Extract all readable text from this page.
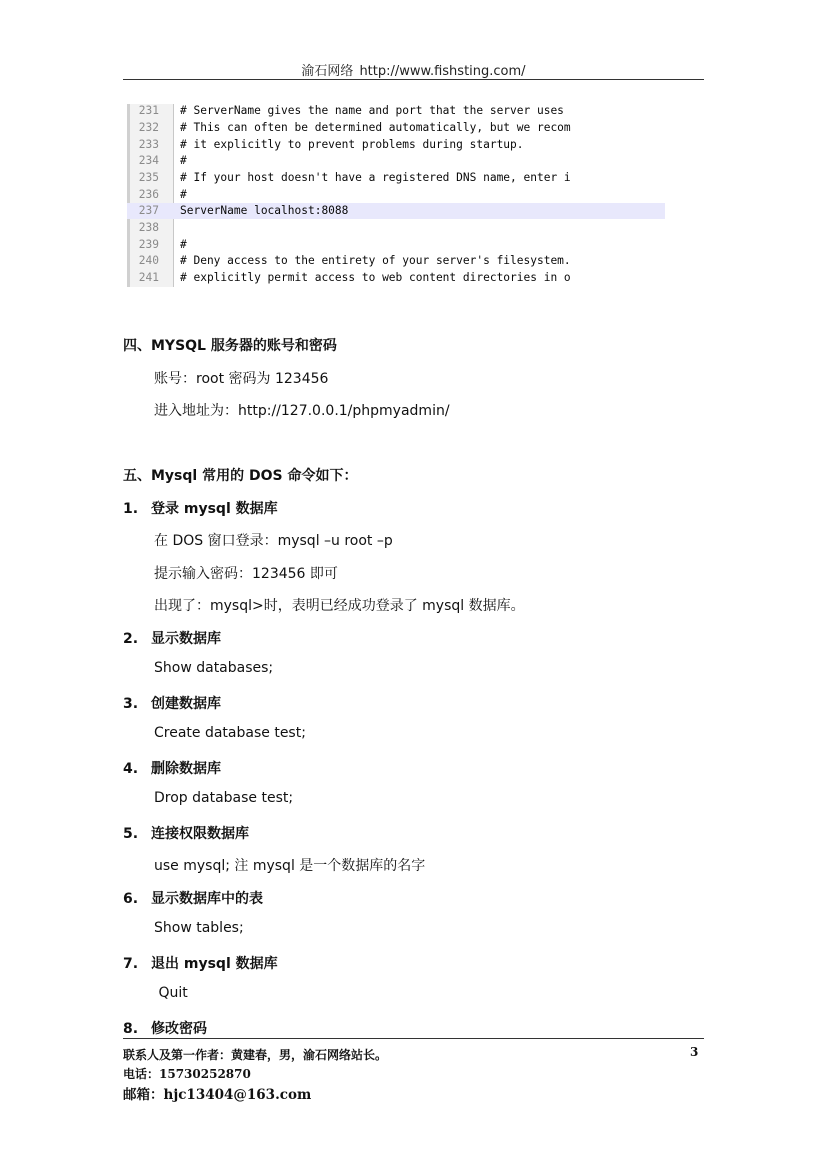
渝石网络 http://www.fishsting.com/
231 # ServerName gives the name and port that the server uses
232 # This can often be determined automatically, but we recom
233 # it explicitly to prevent problems during startup.
234 #
235 # If your host doesn't have a registered DNS name, enter i
236 #
237 ServerName localhost:8088
238
239 #
240 # Deny access to the entirety of your server's filesystem.
241 # explicitly permit access to web content directories in o
四、MYSQL 服务器的账号和密码
账号：root 密码为 123456
进入地址为：http://127.0.0.1/phpmyadmin/
五、Mysql 常用的 DOS 命令如下：
1. 登录 mysql 数据库
在 DOS 窗口登录：mysql –u root –p
提示输入密码：123456 即可
出现了：mysql>时，表明已经成功登录了 mysql 数据库。
2. 显示数据库
Show databases;
3. 创建数据库
Create database test;
4. 删除数据库
Drop database test;
5. 连接权限数据库
use mysql; 注 mysql 是一个数据库的名字
6. 显示数据库中的表
Show tables;
7. 退出 mysql 数据库
Quit
8. 修改密码
联系人及第一作者：黄建春，男，渝石网络站长。	3
电话：15730252870
邮箱：hjc13404@163.com
